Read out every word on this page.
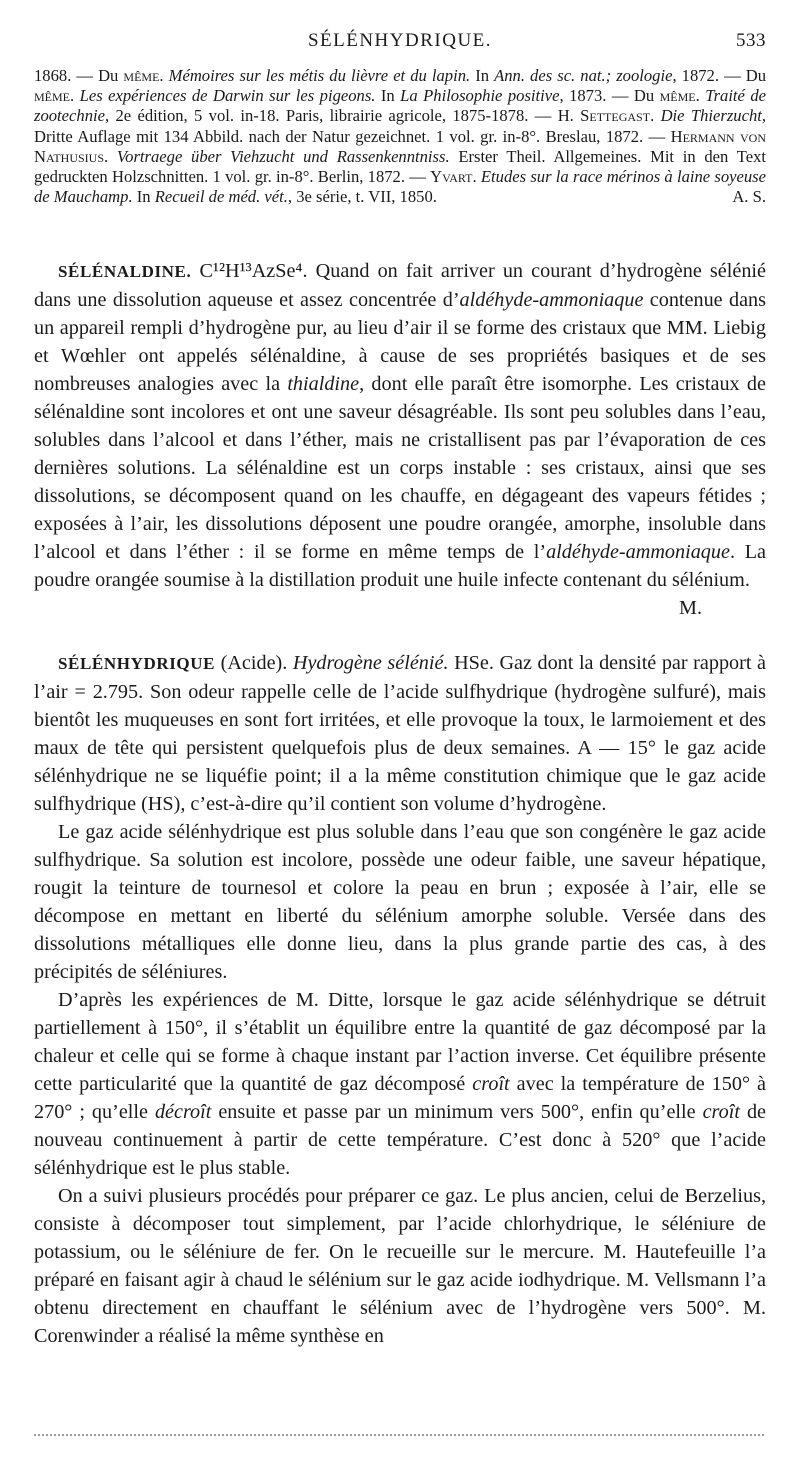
SÉLÉNHYDRIQUE.	533
1868. — Du même. Mémoires sur les métis du lièvre et du lapin. In Ann. des sc. nat.; zoologie, 1872. — Du même. Les expériences de Darwin sur les pigeons. In La Philosophie positive, 1873. — Du même. Traité de zootechnie, 2e édition, 5 vol. in-18. Paris, librairie agricole, 1875-1878. — H. Settegast. Die Thierzucht, Dritte Auflage mit 134 Abbild. nach der Natur gezeichnet. 1 vol. gr. in-8°. Breslau, 1872. — Hermann von Nathusius. Vortraege über Viehzucht und Rassenkenntniss. Erster Theil. Allgemeines. Mit in den Text gedruckten Holzschnitten. 1 vol. gr. in-8°. Berlin, 1872. — Yvart. Etudes sur la race mérinos à laine soyeuse de Mauchamp. In Recueil de méd. vét., 3e série, t. VII, 1850.	A. S.

SÉLÉNALDINE. C¹²H¹³AzSe⁴. Quand on fait arriver un courant d’hydrogène sélénié dans une dissolution aqueuse et assez concentrée d’aldéhyde-ammoniaque contenue dans un appareil rempli d’hydrogène pur, au lieu d’air il se forme des cristaux que MM. Liebig et Wœhler ont appelés sélénaldine, à cause de ses propriétés basiques et de ses nombreuses analogies avec la thialdine, dont elle paraît être isomorphe. Les cristaux de sélénaldine sont incolores et ont une saveur désagréable. Ils sont peu solubles dans l’eau, solubles dans l’alcool et dans l’éther, mais ne cristallisent pas par l’évaporation de ces dernières solutions. La sélénaldine est un corps instable : ses cristaux, ainsi que ses dissolutions, se décomposent quand on les chauffe, en dégageant des vapeurs fétides ; exposées à l’air, les dissolutions déposent une poudre orangée, amorphe, insoluble dans l’alcool et dans l’éther : il se forme en même temps de l’aldéhyde-ammoniaque. La poudre orangée soumise à la distillation produit une huile infecte contenant du sélénium.
M.

SÉLÉNHYDRIQUE (Acide). Hydrogène sélénié. HSe. Gaz dont la densité par rapport à l’air = 2.795. Son odeur rappelle celle de l’acide sulfhydrique (hydrogène sulfuré), mais bientôt les muqueuses en sont fort irritées, et elle provoque la toux, le larmoiement et des maux de tête qui persistent quelquefois plus de deux semaines. A — 15° le gaz acide sélénhydrique ne se liquéfie point; il a la même constitution chimique que le gaz acide sulfhydrique (HS), c’est-à-dire qu’il contient son volume d’hydrogène.

Le gaz acide sélénhydrique est plus soluble dans l’eau que son congénère le gaz acide sulfhydrique. Sa solution est incolore, possède une odeur faible, une saveur hépatique, rougit la teinture de tournesol et colore la peau en brun ; exposée à l’air, elle se décompose en mettant en liberté du sélénium amorphe soluble. Versée dans des dissolutions métalliques elle donne lieu, dans la plus grande partie des cas, à des précipités de séléniures.

D’après les expériences de M. Ditte, lorsque le gaz acide sélénhydrique se détruit partiellement à 150°, il s’établit un équilibre entre la quantité de gaz décomposé par la chaleur et celle qui se forme à chaque instant par l’action inverse. Cet équilibre présente cette particularité que la quantité de gaz décomposé croît avec la température de 150° à 270° ; qu’elle décroît ensuite et passe par un minimum vers 500°, enfin qu’elle croît de nouveau continuement à partir de cette température. C’est donc à 520° que l’acide sélénhydrique est le plus stable.

On a suivi plusieurs procédés pour préparer ce gaz. Le plus ancien, celui de Berzelius, consiste à décomposer tout simplement, par l’acide chlorhydrique, le séléniure de potassium, ou le séléniure de fer. On le recueille sur le mercure. M. Hautefeuille l’a préparé en faisant agir à chaud le sélénium sur le gaz acide iodhydrique. M. Vellsmann l’a obtenu directement en chauffant le sélénium avec de l’hydrogène vers 500°. M. Corenwinder a réalisé la même synthèse en
